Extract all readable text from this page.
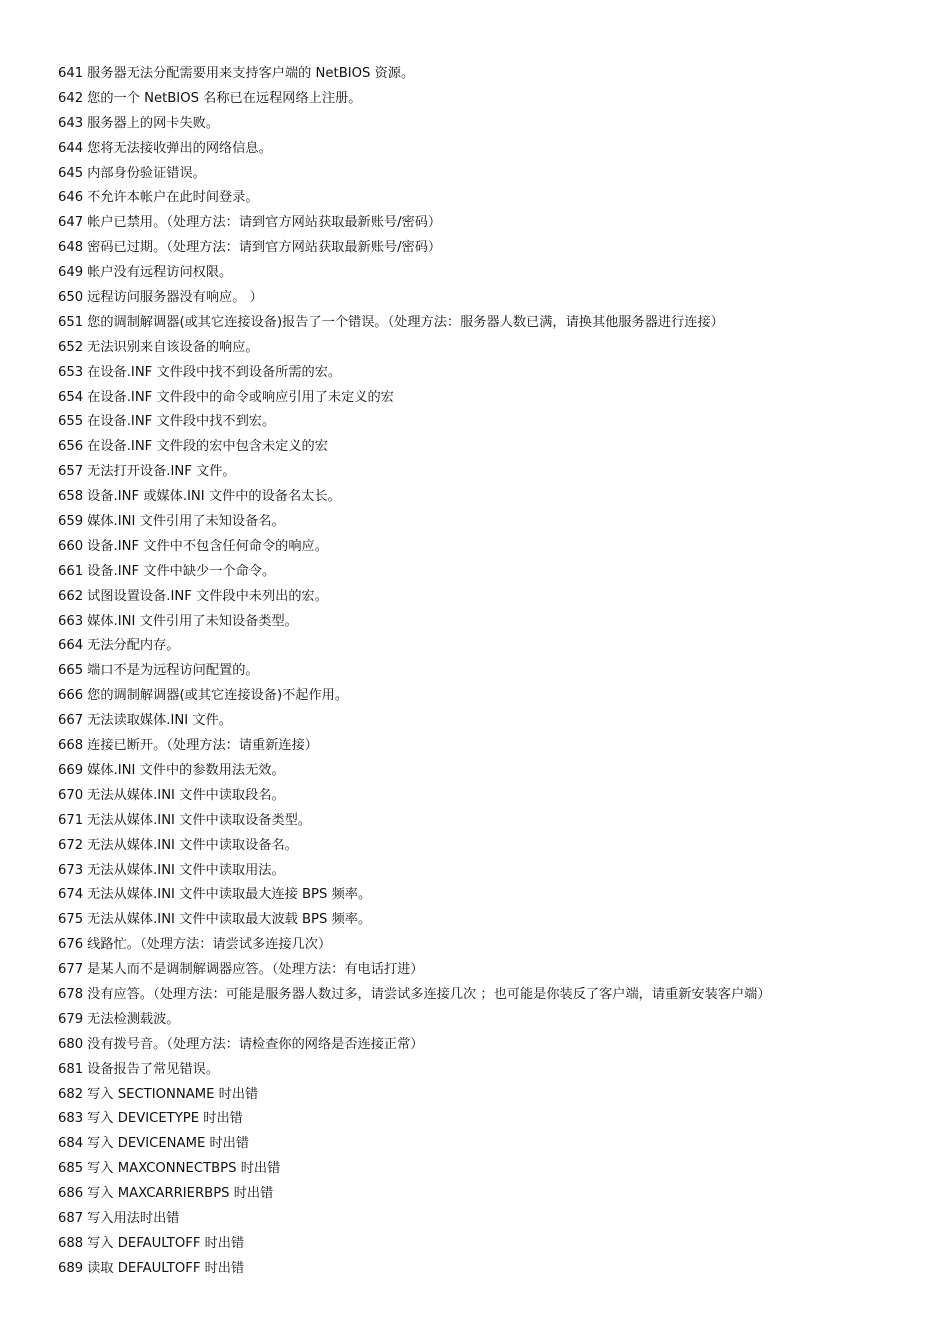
641 服务器无法分配需要用来支持客户端的 NetBIOS 资源。
642 您的一个 NetBIOS 名称已在远程网络上注册。
643 服务器上的网卡失败。
644 您将无法接收弹出的网络信息。
645 内部身份验证错误。
646 不允许本帐户在此时间登录。
647 帐户已禁用。（处理方法：请到官方网站获取最新账号/密码）
648 密码已过期。（处理方法：请到官方网站获取最新账号/密码）
649 帐户没有远程访问权限。
650 远程访问服务器没有响应。 ）
651 您的调制解调器(或其它连接设备)报告了一个错误。（处理方法：服务器人数已满，请换其他服务器进行连接）
652 无法识别来自该设备的响应。
653 在设备.INF 文件段中找不到设备所需的宏。
654 在设备.INF 文件段中的命令或响应引用了未定义的宏
655 在设备.INF 文件段中找不到宏。
656 在设备.INF 文件段的宏中包含未定义的宏
657 无法打开设备.INF 文件。
658 设备.INF 或媒体.INI 文件中的设备名太长。
659 媒体.INI 文件引用了未知设备名。
660 设备.INF 文件中不包含任何命令的响应。
661 设备.INF 文件中缺少一个命令。
662 试图设置设备.INF 文件段中未列出的宏。
663 媒体.INI 文件引用了未知设备类型。
664 无法分配内存。
665 端口不是为远程访问配置的。
666 您的调制解调器(或其它连接设备)不起作用。
667 无法读取媒体.INI 文件。
668 连接已断开。（处理方法：请重新连接）
669 媒体.INI 文件中的参数用法无效。
670 无法从媒体.INI 文件中读取段名。
671 无法从媒体.INI 文件中读取设备类型。
672 无法从媒体.INI 文件中读取设备名。
673 无法从媒体.INI 文件中读取用法。
674 无法从媒体.INI 文件中读取最大连接 BPS 频率。
675 无法从媒体.INI 文件中读取最大波载 BPS 频率。
676 线路忙。（处理方法：请尝试多连接几次）
677 是某人而不是调制解调器应答。（处理方法：有电话打进）
678 没有应答。（处理方法：可能是服务器人数过多，请尝试多连接几次 ；也可能是你装反了客户端，请重新安装客户端）
679 无法检测载波。
680 没有拨号音。（处理方法：请检查你的网络是否连接正常）
681 设备报告了常见错误。
682 写入 SECTIONNAME 时出错
683 写入 DEVICETYPE 时出错
684 写入 DEVICENAME 时出错
685 写入 MAXCONNECTBPS 时出错
686 写入 MAXCARRIERBPS 时出错
687 写入用法时出错
688 写入 DEFAULTOFF 时出错
689 读取 DEFAULTOFF 时出错
